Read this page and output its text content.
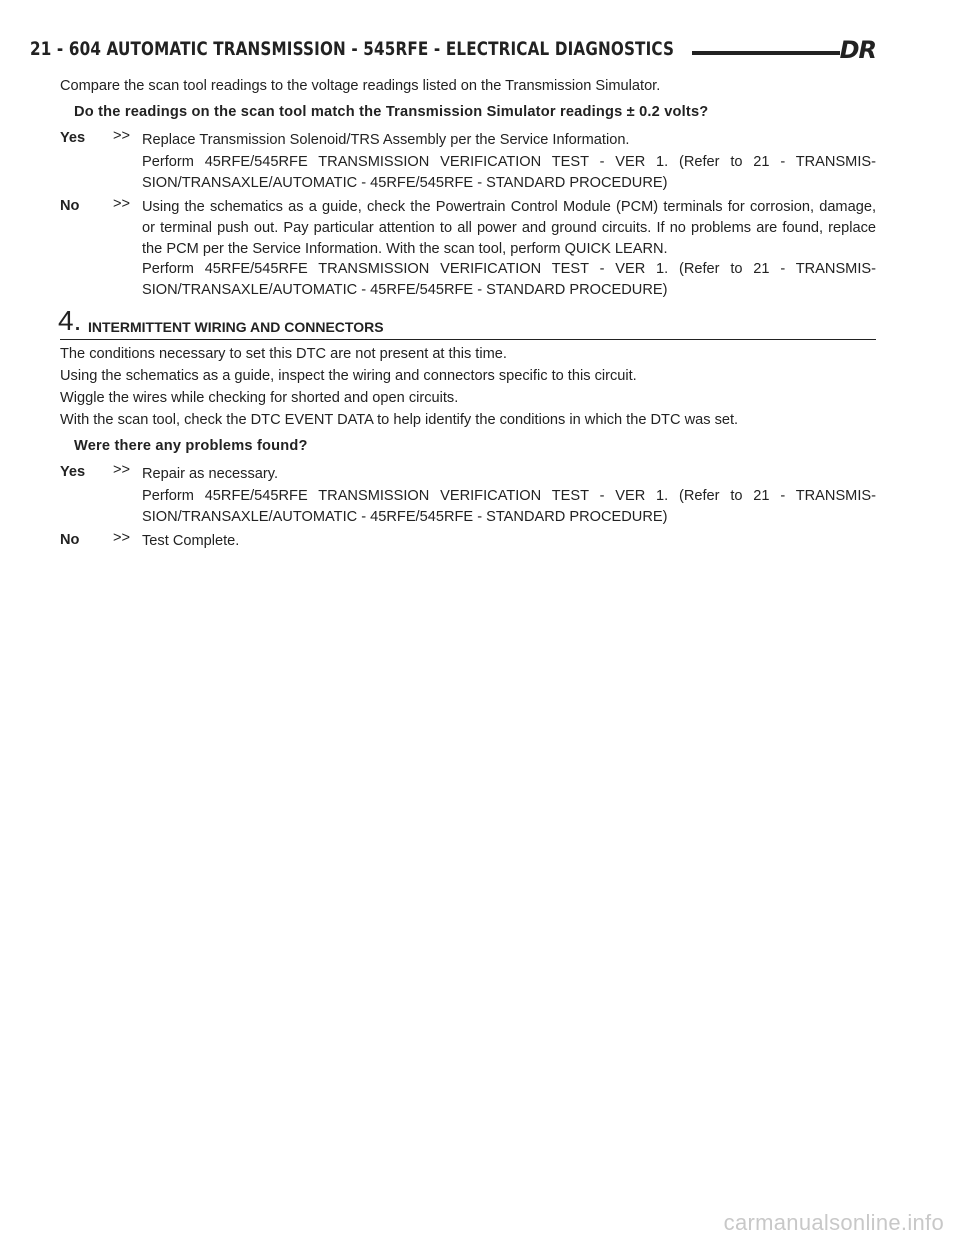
21 - 604 AUTOMATIC TRANSMISSION - 545RFE - ELECTRICAL DIAGNOSTICS	DR
Compare the scan tool readings to the voltage readings listed on the Transmission Simulator.
Do the readings on the scan tool match the Transmission Simulator readings ± 0.2 volts?
Yes >> Replace Transmission Solenoid/TRS Assembly per the Service Information.
Perform 45RFE/545RFE TRANSMISSION VERIFICATION TEST - VER 1. (Refer to 21 - TRANSMIS- SION/TRANSAXLE/AUTOMATIC - 45RFE/545RFE - STANDARD PROCEDURE)
No >> Using the schematics as a guide, check the Powertrain Control Module (PCM) terminals for corrosion, damage, or terminal push out. Pay particular attention to all power and ground circuits. If no problems are found, replace the PCM per the Service Information. With the scan tool, perform QUICK LEARN.
Perform 45RFE/545RFE TRANSMISSION VERIFICATION TEST - VER 1. (Refer to 21 - TRANSMIS- SION/TRANSAXLE/AUTOMATIC - 45RFE/545RFE - STANDARD PROCEDURE)
4. INTERMITTENT WIRING AND CONNECTORS
The conditions necessary to set this DTC are not present at this time.
Using the schematics as a guide, inspect the wiring and connectors specific to this circuit.
Wiggle the wires while checking for shorted and open circuits.
With the scan tool, check the DTC EVENT DATA to help identify the conditions in which the DTC was set.
Were there any problems found?
Yes >> Repair as necessary.
Perform 45RFE/545RFE TRANSMISSION VERIFICATION TEST - VER 1. (Refer to 21 - TRANSMIS- SION/TRANSAXLE/AUTOMATIC - 45RFE/545RFE - STANDARD PROCEDURE)
No >> Test Complete.
carmanualsonline.info
